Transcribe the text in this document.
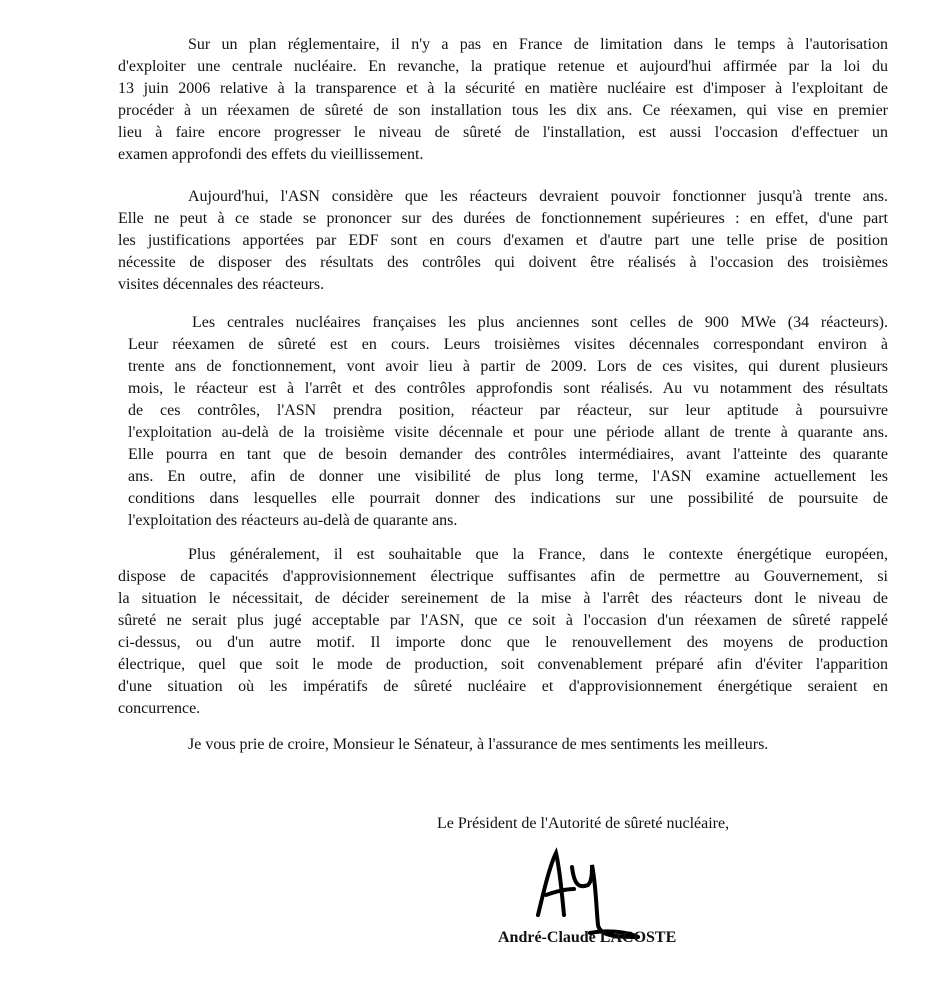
Sur un plan réglementaire, il n'y a pas en France de limitation dans le temps à l'autorisation
d'exploiter une centrale nucléaire. En revanche, la pratique retenue et aujourd'hui affirmée par la loi du
13 juin 2006 relative à la transparence et à la sécurité en matière nucléaire est d'imposer à l'exploitant de
procéder à un réexamen de sûreté de son installation tous les dix ans. Ce réexamen, qui vise en premier
lieu à faire encore progresser le niveau de sûreté de l'installation, est aussi l'occasion d'effectuer un
examen approfondi des effets du vieillissement.
Aujourd'hui, l'ASN considère que les réacteurs devraient pouvoir fonctionner jusqu'à trente ans.
Elle ne peut à ce stade se prononcer sur des durées de fonctionnement supérieures : en effet, d'une part
les justifications apportées par EDF sont en cours d'examen et d'autre part une telle prise de position
nécessite de disposer des résultats des contrôles qui doivent être réalisés à l'occasion des troisièmes
visites décennales des réacteurs.
Les centrales nucléaires françaises les plus anciennes sont celles de 900 MWe (34 réacteurs).
Leur réexamen de sûreté est en cours. Leurs troisièmes visites décennales correspondant environ à
trente ans de fonctionnement, vont avoir lieu à partir de 2009. Lors de ces visites, qui durent plusieurs
mois, le réacteur est à l'arrêt et des contrôles approfondis sont réalisés. Au vu notamment des résultats
de ces contrôles, l'ASN prendra position, réacteur par réacteur, sur leur aptitude à poursuivre
l'exploitation au-delà de la troisième visite décennale et pour une période allant de trente à quarante ans.
Elle pourra en tant que de besoin demander des contrôles intermédiaires, avant l'atteinte des quarante
ans. En outre, afin de donner une visibilité de plus long terme, l'ASN examine actuellement les
conditions dans lesquelles elle pourrait donner des indications sur une possibilité de poursuite de
l'exploitation des réacteurs au-delà de quarante ans.
Plus généralement, il est souhaitable que la France, dans le contexte énergétique européen,
dispose de capacités d'approvisionnement électrique suffisantes afin de permettre au Gouvernement, si
la situation le nécessitait, de décider sereinement de la mise à l'arrêt des réacteurs dont le niveau de
sûreté ne serait plus jugé acceptable par l'ASN, que ce soit à l'occasion d'un réexamen de sûreté rappelé
ci-dessus, ou d'un autre motif. Il importe donc que le renouvellement des moyens de production
électrique, quel que soit le mode de production, soit convenablement préparé afin d'éviter l'apparition
d'une situation où les impératifs de sûreté nucléaire et d'approvisionnement énergétique seraient en
concurrence.
Je vous prie de croire, Monsieur le Sénateur, à l'assurance de mes sentiments les meilleurs.
Le Président de l'Autorité de sûreté nucléaire,
André-Claude LACOSTE
